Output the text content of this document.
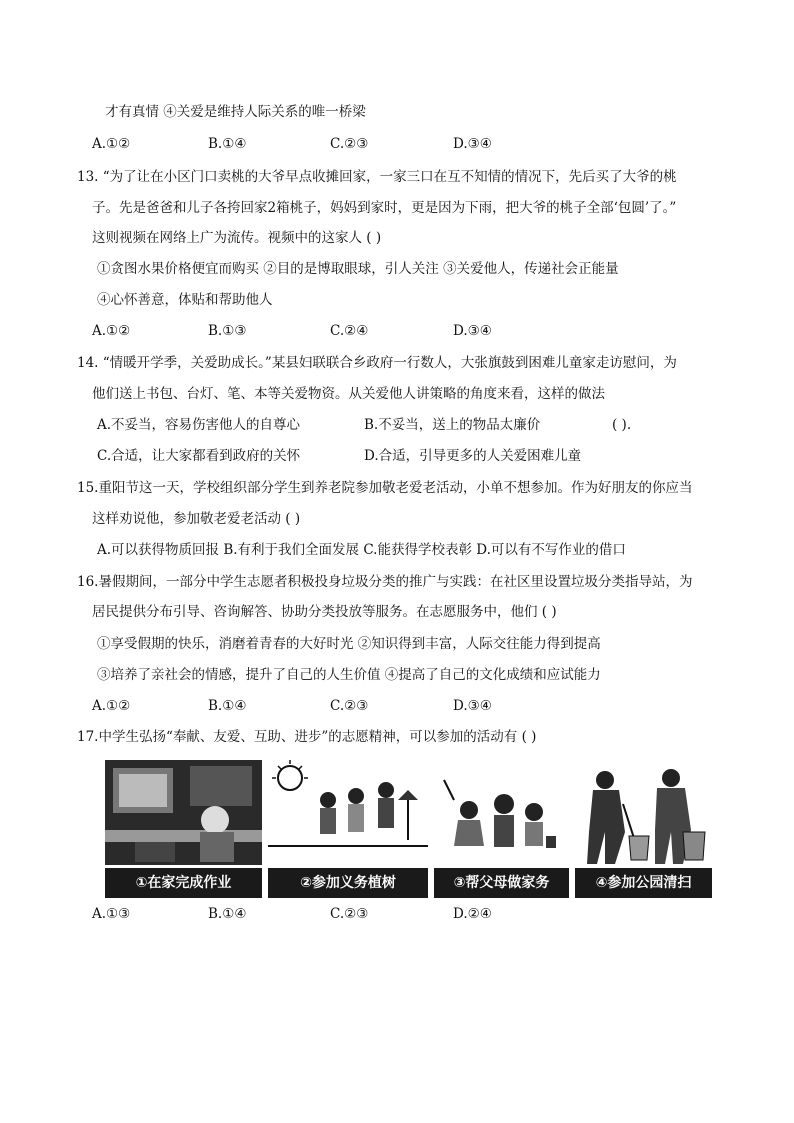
才有真情 ④关爱是维持人际关系的唯一桥梁
A.①②	B.①④	C.②③	D.③④
13. “为了让在小区门口卖桃的大爷早点收摊回家，一家三口在互不知情的情况下，先后买了大爷的桃
子。先是爸爸和儿子各挎回家2箱桃子，妈妈到家时，更是因为下雨，把大爷的桃子全部‘包圆’了。”
这则视频在网络上广为流传。视频中的这家人 ( )
①贪图水果价格便宜而购买 ②目的是博取眼球，引人关注 ③关爱他人，传递社会正能量
④心怀善意，体贴和帮助他人
A.①②	B.①③	C.②④	D.③④
14. “情暖开学季，关爱助成长。”某县妇联联合乡政府一行数人，大张旗鼓到困难儿童家走访慰问，为
他们送上书包、台灯、笔、本等关爱物资。从关爱他人讲策略的角度来看，这样的做法
A.不妥当，容易伤害他人的自尊心	B.不妥当，送上的物品太廉价	( ).
C.合适，让大家都看到政府的关怀	D.合适，引导更多的人关爱困难儿童
15.重阳节这一天，学校组织部分学生到养老院参加敬老爱老活动，小单不想参加。作为好朋友的你应当
这样劝说他，参加敬老爱老活动 ( )
A.可以获得物质回报 B.有利于我们全面发展 C.能获得学校表彰 D.可以有不写作业的借口
16.暑假期间，一部分中学生志愿者积极投身垃圾分类的推广与实践：在社区里设置垃圾分类指导站，为
居民提供分布引导、咨询解答、协助分类投放等服务。在志愿服务中，他们 ( )
①享受假期的快乐，消磨着青春的大好时光 ②知识得到丰富，人际交往能力得到提高
③培养了亲社会的情感，提升了自己的人生价值 ④提高了自己的文化成绩和应试能力
A.①②	B.①④	C.②③	D.③④
17.中学生弘扬“奉献、友爱、互助、进步”的志愿精神，可以参加的活动有 ( )
①在家完成作业	②参加义务植树	③帮父母做家务	④参加公园清扫
A.①③	B.①④	C.②③	D.②④
